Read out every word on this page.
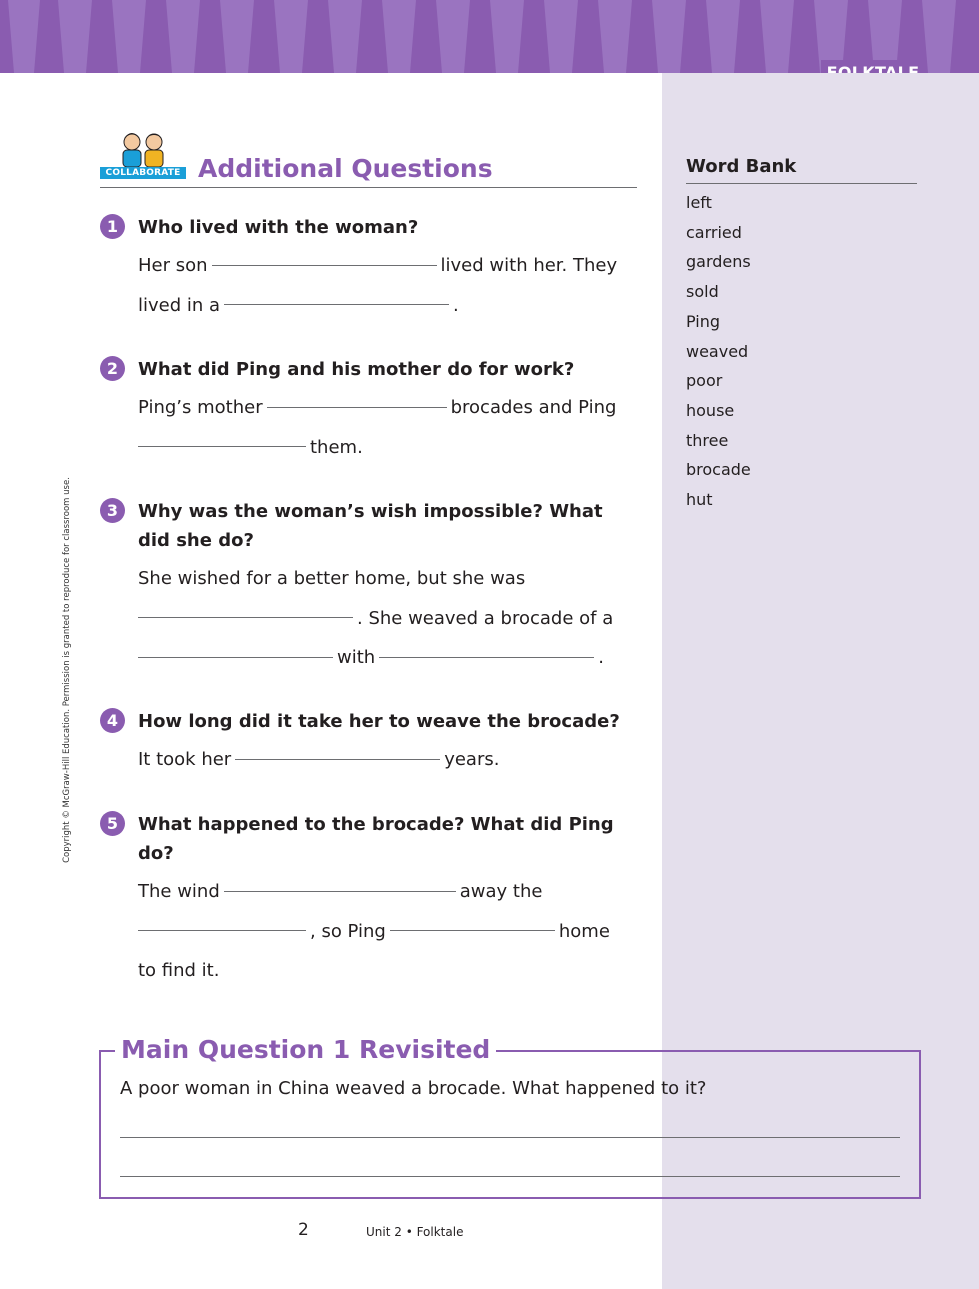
Copyright © McGraw-Hill Education. Permission is granted to reproduce for classroom use.
COLLABORATE Additional Questions
1	Who lived with the woman?
Her son	lived with her. They
lived in a	.
2	What did Ping and his mother do for work?
Ping’s mother	brocades and Ping
them.
3	Why was the woman’s wish impossible? What did she do?
She wished for a better home, but she was
. She weaved a brocade of a
with	.
4	How long did it take her to weave the brocade?
It took her	years.
5	What happened to the brocade? What did Ping do?
The wind	away the
, so Ping	home
to find it.
Word Bank
left
carried
gardens
sold
Ping
weaved
poor
house
three
brocade
hut
Main Question 1 Revisited
A poor woman in China weaved a brocade. What happened to it?
2	Unit 2 • Folktale
